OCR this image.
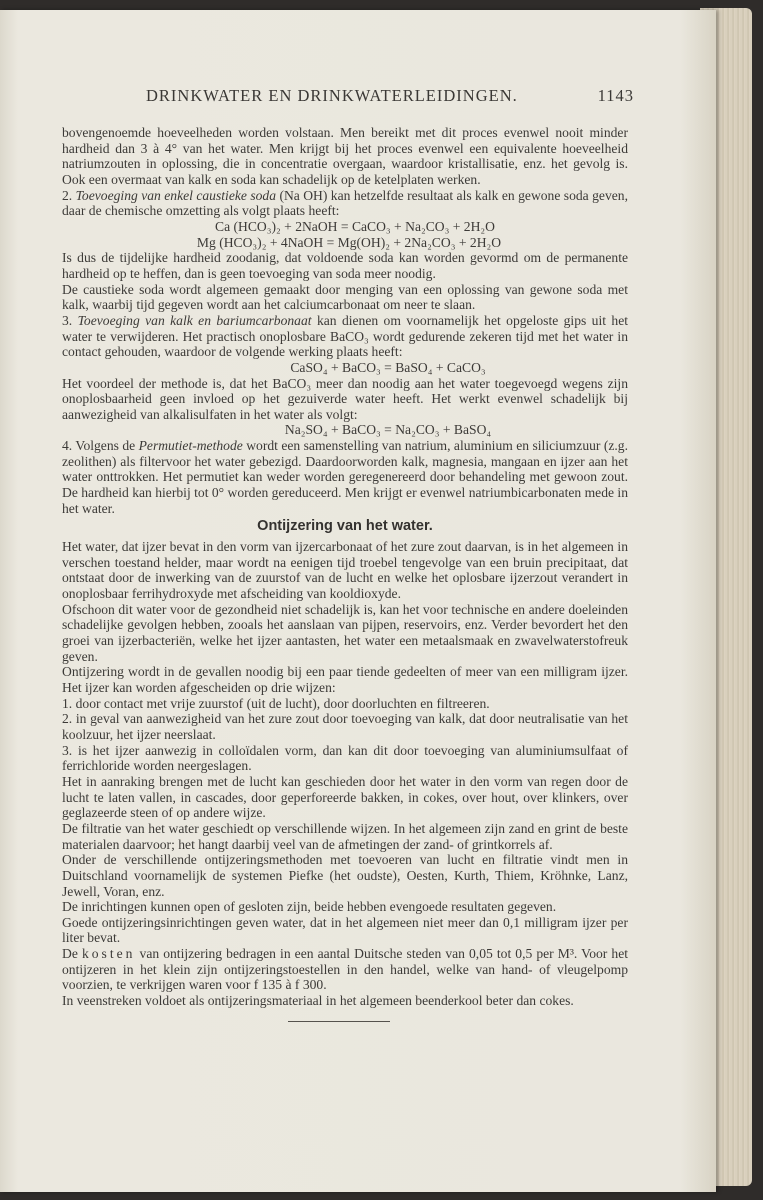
DRINKWATER EN DRINKWATERLEIDINGEN.	1143

bovengenoemde hoeveelheden worden volstaan. Men bereikt met dit proces evenwel nooit minder hardheid dan 3 à 4° van het water. Men krijgt bij het proces evenwel een equivalente hoeveelheid natriumzouten in oplossing, die in concentratie overgaan, waardoor kristallisatie, enz. het gevolg is. Ook een overmaat van kalk en soda kan schadelijk op de ketelplaten werken.

2. Toevoeging van enkel caustieke soda (Na OH) kan hetzelfde resultaat als kalk en gewone soda geven, daar de chemische omzetting als volgt plaats heeft:

Ca (HCO₃)₂ + 2NaOH = CaCO₃ + Na₂CO₃ + 2H₂O

Mg (HCO₃)₂ + 4NaOH = Mg(OH)₂ + 2Na₂CO₃ + 2H₂O

Is dus de tijdelijke hardheid zoodanig, dat voldoende soda kan worden gevormd om de permanente hardheid op te heffen, dan is geen toevoeging van soda meer noodig.

De caustieke soda wordt algemeen gemaakt door menging van een oplossing van gewone soda met kalk, waarbij tijd gegeven wordt aan het calciumcarbonaat om neer te slaan.

3. Toevoeging van kalk en bariumcarbonaat kan dienen om voornamelijk het opgeloste gips uit het water te verwijderen. Het practisch onoplosbare BaCO₃ wordt gedurende zekeren tijd met het water in contact gehouden, waardoor de volgende werking plaats heeft:

CaSO₄ + BaCO₃ = BaSO₄ + CaCO₃

Het voordeel der methode is, dat het BaCO₃ meer dan noodig aan het water toegevoegd wegens zijn onoplosbaarheid geen invloed op het gezuiverde water heeft. Het werkt evenwel schadelijk bij aanwezigheid van alkalisulfaten in het water als volgt:

Na₂SO₄ + BaCO₃ = Na₂CO₃ + BaSO₄

4. Volgens de Permutiet-methode wordt een samenstelling van natrium, aluminium en siliciumzuur (z.g. zeolithen) als filtervoor het water gebezigd. Daardoorworden kalk, magnesia, mangaan en ijzer aan het water onttrokken. Het permutiet kan weder worden geregenereerd door behandeling met gewoon zout. De hardheid kan hierbij tot 0° worden gereduceerd. Men krijgt er evenwel natriumbicarbonaten mede in het water.

Ontijzering van het water.

Het water, dat ijzer bevat in den vorm van ijzercarbonaat of het zure zout daarvan, is in het algemeen in verschen toestand helder, maar wordt na eenigen tijd troebel tengevolge van een bruin precipitaat, dat ontstaat door de inwerking van de zuurstof van de lucht en welke het oplosbare ijzerzout verandert in onoplosbaar ferrihydroxyde met afscheiding van kooldioxyde.

Ofschoon dit water voor de gezondheid niet schadelijk is, kan het voor technische en andere doeleinden schadelijke gevolgen hebben, zooals het aanslaan van pijpen, reservoirs, enz. Verder bevordert het den groei van ijzerbacteriën, welke het ijzer aantasten, het water een metaalsmaak en zwavelwaterstofreuk geven.

Ontijzering wordt in de gevallen noodig bij een paar tiende gedeelten of meer van een milligram ijzer. Het ijzer kan worden afgescheiden op drie wijzen:

1. door contact met vrije zuurstof (uit de lucht), door doorluchten en filtreeren.

2. in geval van aanwezigheid van het zure zout door toevoeging van kalk, dat door neutralisatie van het koolzuur, het ijzer neerslaat.

3. is het ijzer aanwezig in colloïdalen vorm, dan kan dit door toevoeging van aluminiumsulfaat of ferrichloride worden neergeslagen.

Het in aanraking brengen met de lucht kan geschieden door het water in den vorm van regen door de lucht te laten vallen, in cascades, door geperforeerde bakken, in cokes, over hout, over klinkers, over geglazeerde steen of op andere wijze.

De filtratie van het water geschiedt op verschillende wijzen. In het algemeen zijn zand en grint de beste materialen daarvoor; het hangt daarbij veel van de afmetingen der zand- of grintkorrels af.

Onder de verschillende ontijzeringsmethoden met toevoeren van lucht en filtratie vindt men in Duitschland voornamelijk de systemen Piefke (het oudste), Oesten, Kurth, Thiem, Kröhnke, Lanz, Jewell, Voran, enz.

De inrichtingen kunnen open of gesloten zijn, beide hebben evengoede resultaten gegeven.

Goede ontijzeringsinrichtingen geven water, dat in het algemeen niet meer dan 0,1 milligram ijzer per liter bevat.

De kosten van ontijzering bedragen in een aantal Duitsche steden van 0,05 tot 0,5 per M³. Voor het ontijzeren in het klein zijn ontijzeringstoestellen in den handel, welke van hand- of vleugelpomp voorzien, te verkrijgen waren voor f 135 à f 300.

In veenstreken voldoet als ontijzeringsmateriaal in het algemeen beenderkool beter dan cokes.
